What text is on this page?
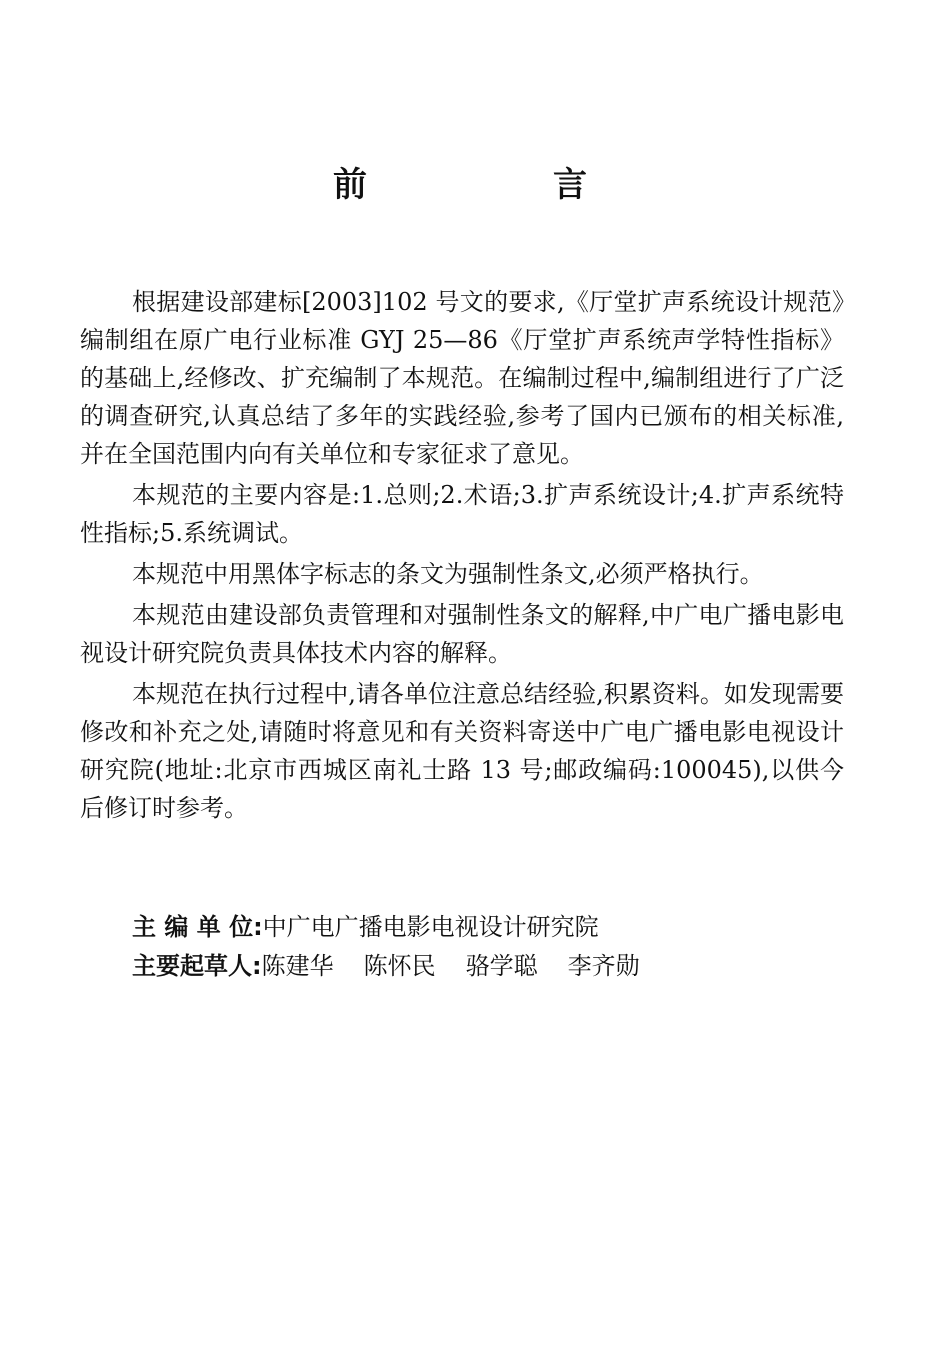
前　言

根据建设部建标[2003]102 号文的要求,《厅堂扩声系统设计规范》编制组在原广电行业标准 GYJ 25—86《厅堂扩声系统声学特性指标》的基础上,经修改、扩充编制了本规范。在编制过程中,编制组进行了广泛的调查研究,认真总结了多年的实践经验,参考了国内已颁布的相关标准,并在全国范围内向有关单位和专家征求了意见。

本规范的主要内容是:1.总则;2.术语;3.扩声系统设计;4.扩声系统特性指标;5.系统调试。

本规范中用黑体字标志的条文为强制性条文,必须严格执行。

本规范由建设部负责管理和对强制性条文的解释,中广电广播电影电视设计研究院负责具体技术内容的解释。

本规范在执行过程中,请各单位注意总结经验,积累资料。如发现需要修改和补充之处,请随时将意见和有关资料寄送中广电广播电影电视设计研究院(地址:北京市西城区南礼士路 13 号;邮政编码:100045),以供今后修订时参考。

主 编 单 位:中广电广播电影电视设计研究院
主要起草人:陈建华 陈怀民 骆学聪 李齐勋
